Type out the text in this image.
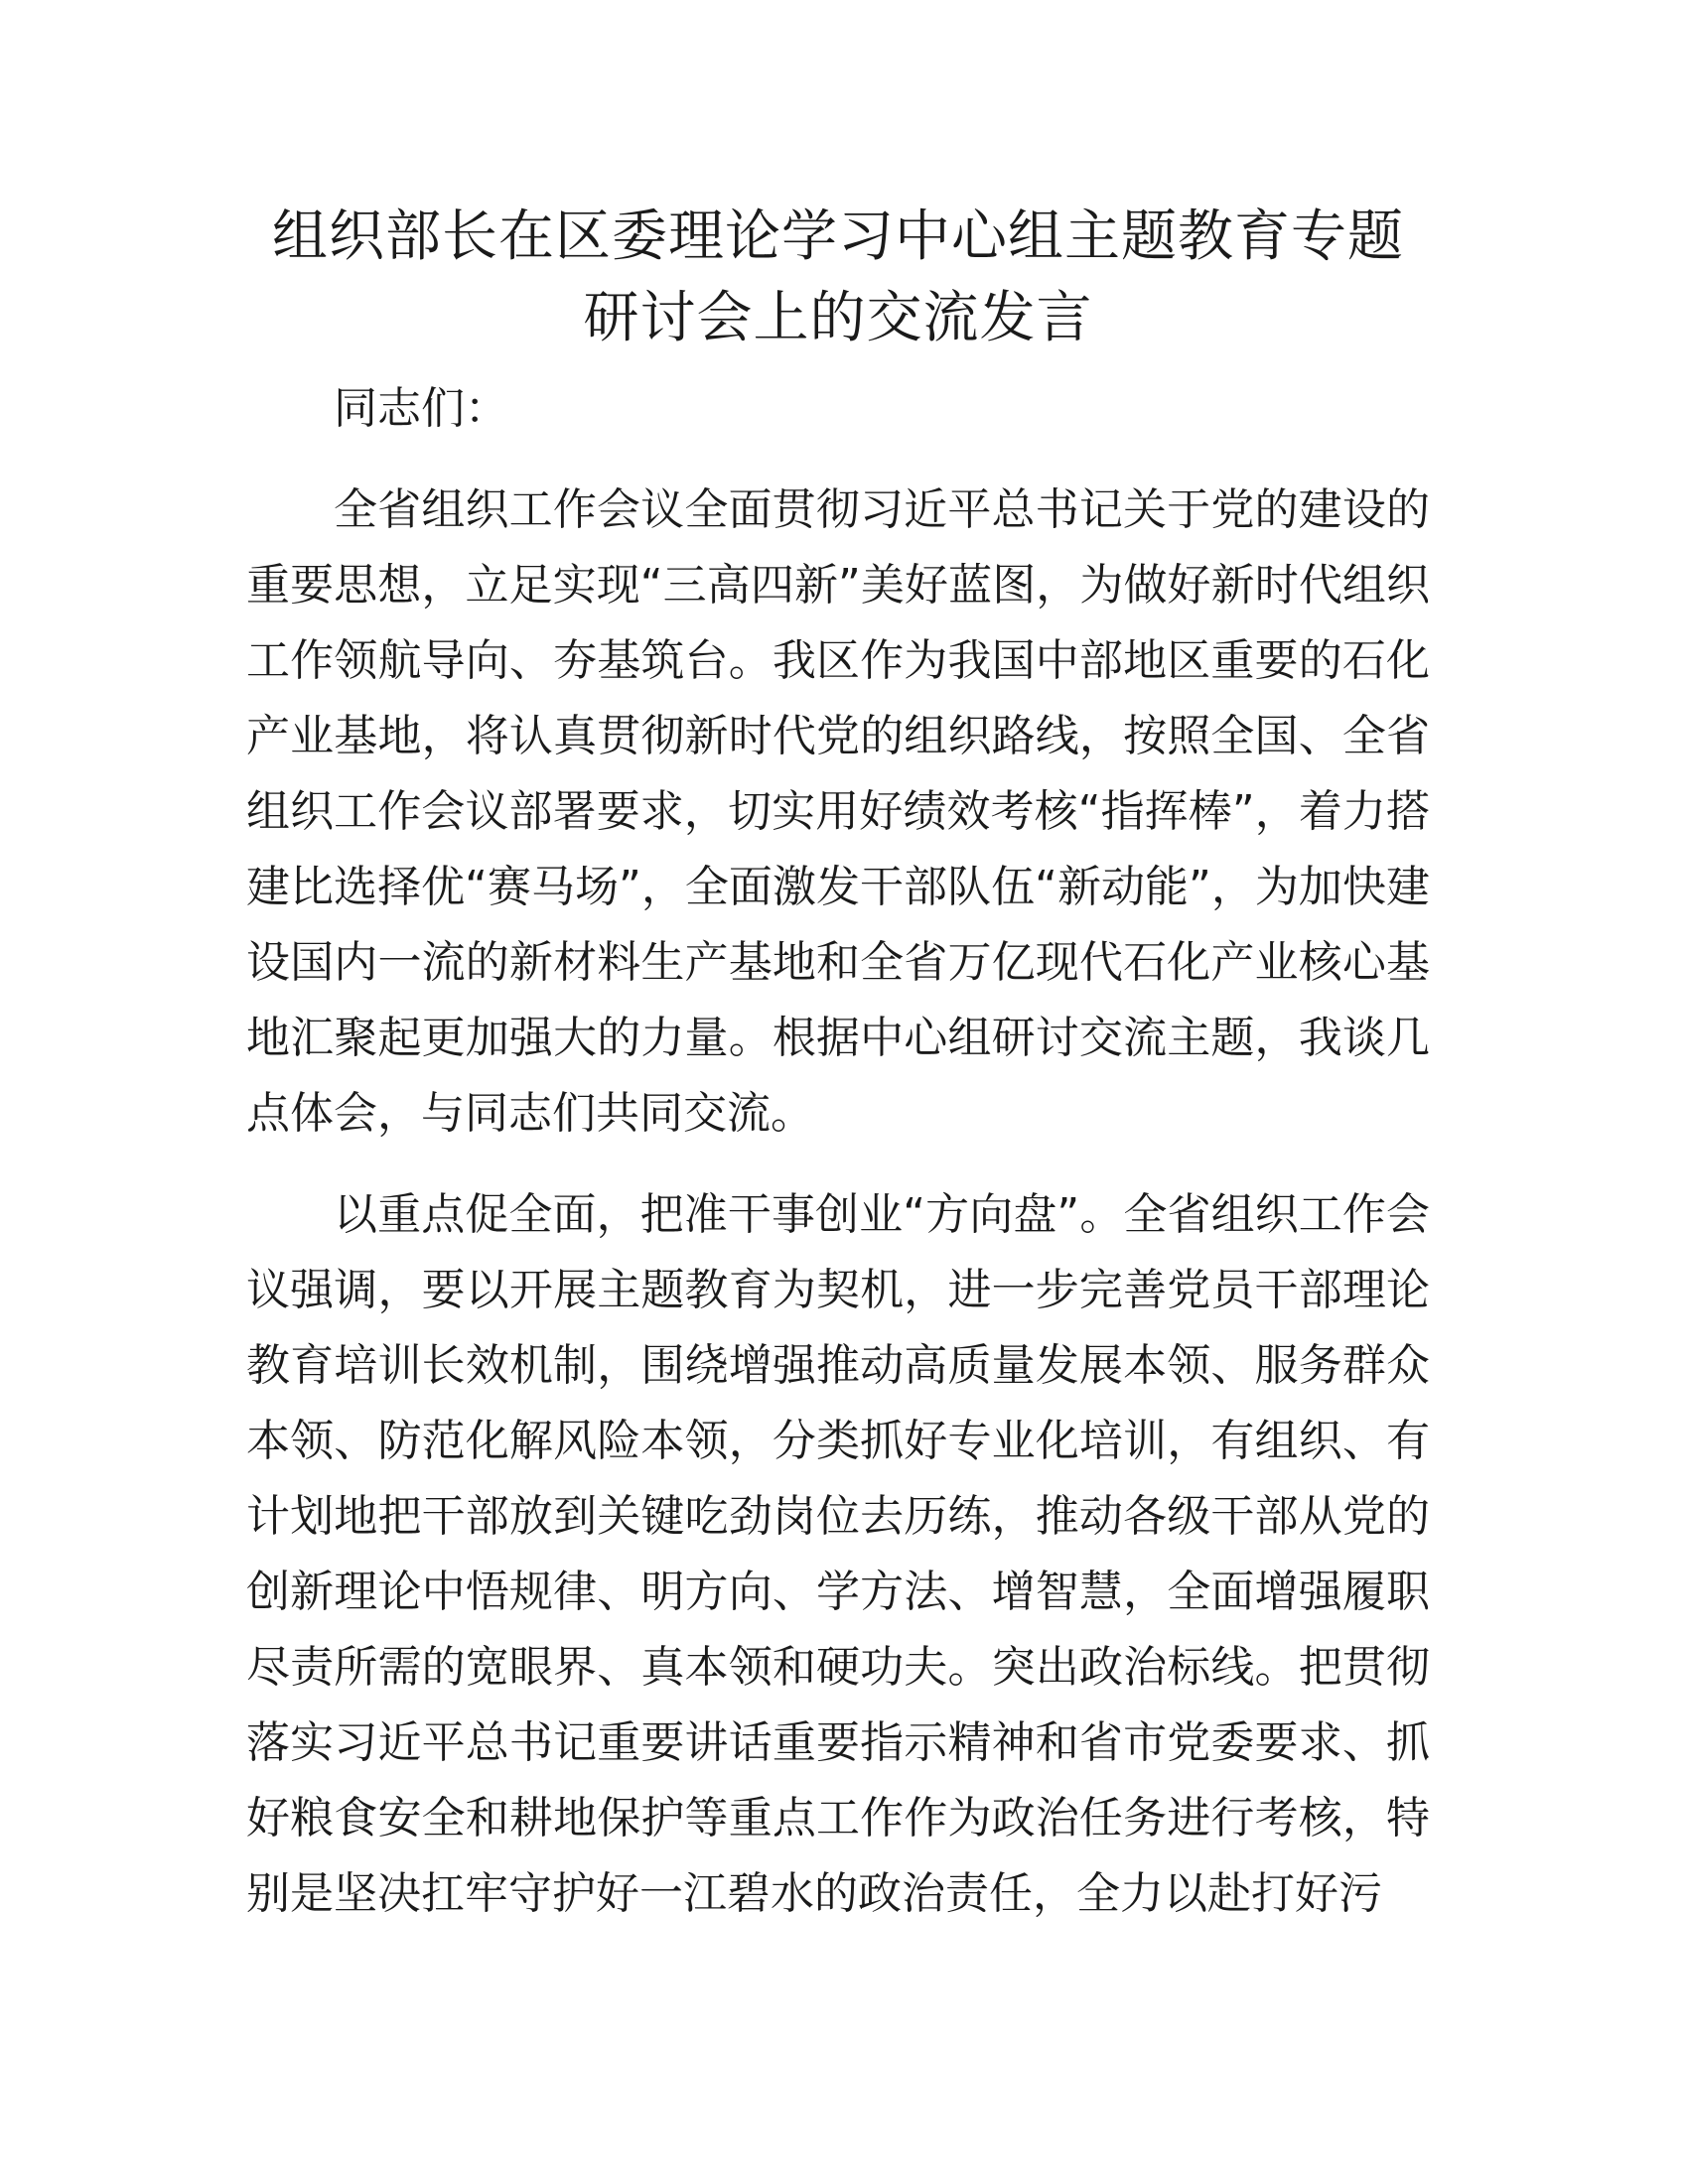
组织部长在区委理论学习中心组主题教育专题
研讨会上的交流发言

同志们：

全省组织工作会议全面贯彻习近平总书记关于党的建设的重要思想，立足实现“三高四新”美好蓝图，为做好新时代组织工作领航导向、夯基筑台。我区作为我国中部地区重要的石化产业基地，将认真贯彻新时代党的组织路线，按照全国、全省组织工作会议部署要求，切实用好绩效考核“指挥棒”，着力搭建比选择优“赛马场”，全面激发干部队伍“新动能”，为加快建设国内一流的新材料生产基地和全省万亿现代石化产业核心基地汇聚起更加强大的力量。根据中心组研讨交流主题，我谈几点体会，与同志们共同交流。

以重点促全面，把准干事创业“方向盘”。全省组织工作会议强调，要以开展主题教育为契机，进一步完善党员干部理论教育培训长效机制，围绕增强推动高质量发展本领、服务群众本领、防范化解风险本领，分类抓好专业化培训，有组织、有计划地把干部放到关键吃劲岗位去历练，推动各级干部从党的创新理论中悟规律、明方向、学方法、增智慧，全面增强履职尽责所需的宽眼界、真本领和硬功夫。突出政治标线。把贯彻落实习近平总书记重要讲话重要指示精神和省市党委要求、抓好粮食安全和耕地保护等重点工作作为政治任务进行考核，特别是坚决扛牢守护好一江碧水的政治责任，全力以赴打好污
